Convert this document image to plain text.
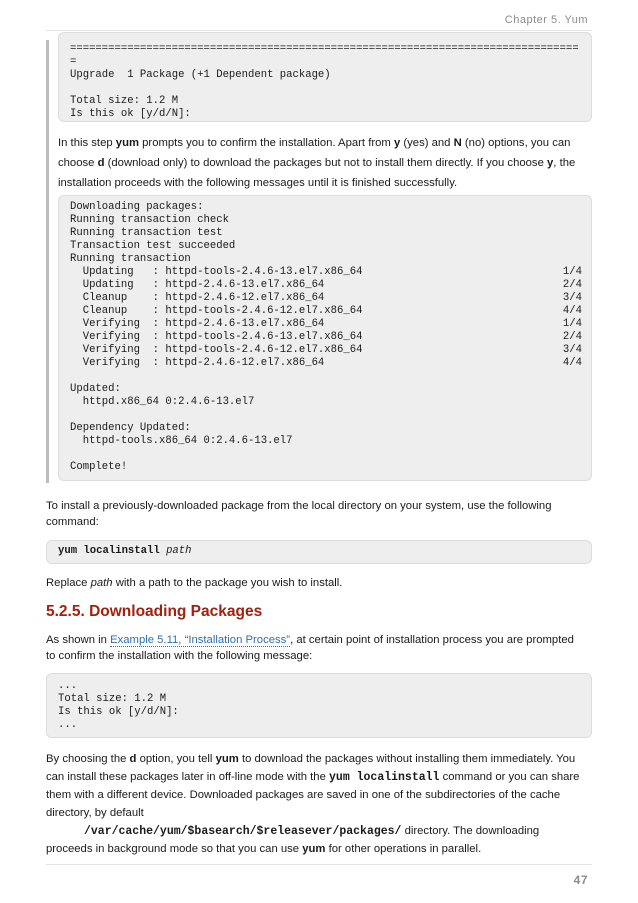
Chapter 5. Yum
================================================================================
=
Upgrade  1 Package (+1 Dependent package)

Total size: 1.2 M
Is this ok [y/d/N]:
In this step yum prompts you to confirm the installation. Apart from y (yes) and N (no) options, you can
choose d (download only) to download the packages but not to install them directly. If you choose y, the
installation proceeds with the following messages until it is finished successfully.
Downloading packages:
Running transaction check
Running transaction test
Transaction test succeeded
Running transaction
Updating   : httpd-tools-2.4.6-13.el7.x86_64	1/4
Updating   : httpd-2.4.6-13.el7.x86_64	2/4
Cleanup    : httpd-2.4.6-12.el7.x86_64	3/4
Cleanup    : httpd-tools-2.4.6-12.el7.x86_64	4/4
Verifying  : httpd-2.4.6-13.el7.x86_64	1/4
Verifying  : httpd-tools-2.4.6-13.el7.x86_64	2/4
Verifying  : httpd-tools-2.4.6-12.el7.x86_64	3/4
Verifying  : httpd-2.4.6-12.el7.x86_64	4/4
Updated:
httpd.x86_64 0:2.4.6-13.el7
Dependency Updated:
httpd-tools.x86_64 0:2.4.6-13.el7
Complete!
To install a previously-downloaded package from the local directory on your system, use the following
command:
yum localinstall path
Replace path with a path to the package you wish to install.
5.2.5. Downloading Packages
As shown in Example 5.11, “Installation Process”, at certain point of installation process you are prompted
to confirm the installation with the following message:
...
Total size: 1.2 M
Is this ok [y/d/N]:
...
By choosing the d option, you tell yum to download the packages without installing them immediately. You
can install these packages later in off-line mode with the yum localinstall command or you can share
them with a different device. Downloaded packages are saved in one of the subdirectories of the cache
directory, by default
/var/cache/yum/$basearch/$releasever/packages/ directory. The downloading
proceeds in background mode so that you can use yum for other operations in parallel.
47
